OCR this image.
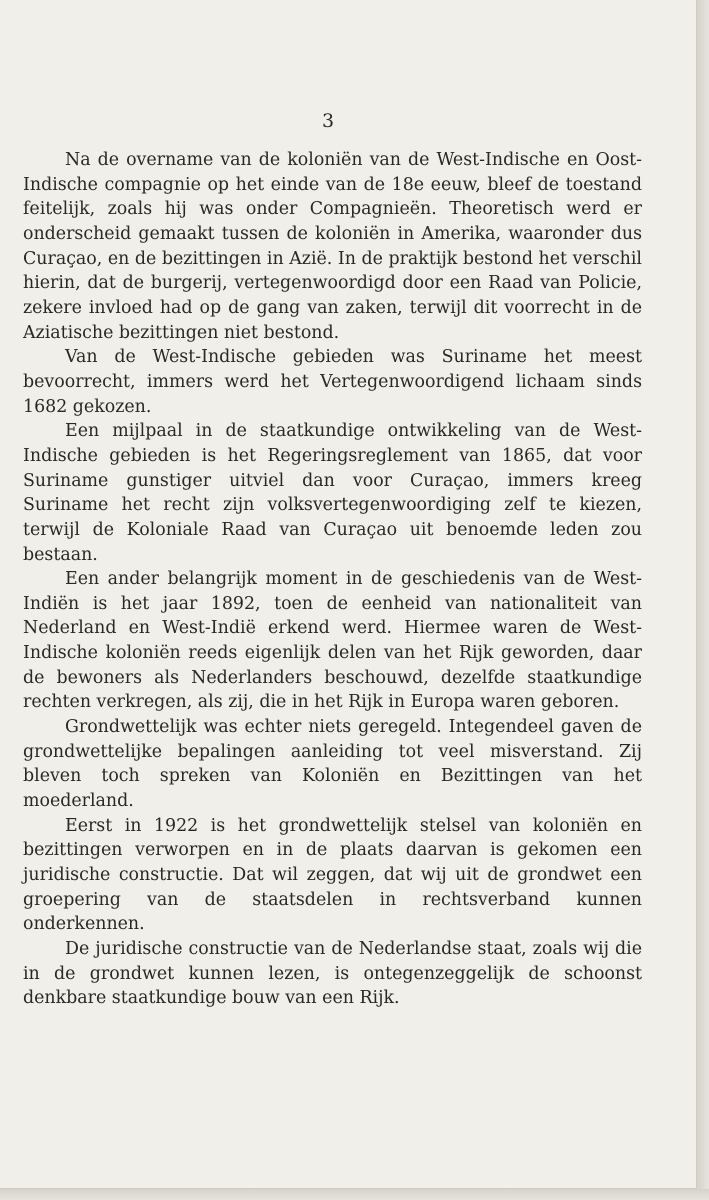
3

Na de overname van de koloniën van de West-Indische en Oost-Indische compagnie op het einde van de 18e eeuw, bleef de toestand feitelijk, zoals hij was onder Compagnieën. Theoretisch werd er onderscheid gemaakt tussen de koloniën in Amerika, waaronder dus Curaçao, en de bezittingen in Azië. In de praktijk bestond het verschil hierin, dat de burgerij, vertegenwoordigd door een Raad van Policie, zekere invloed had op de gang van zaken, terwijl dit voorrecht in de Aziatische bezittingen niet bestond.

Van de West-Indische gebieden was Suriname het meest bevoorrecht, immers werd het Vertegenwoordigend lichaam sinds 1682 gekozen.

Een mijlpaal in de staatkundige ontwikkeling van de West-Indische gebieden is het Regeringsreglement van 1865, dat voor Suriname gunstiger uitviel dan voor Curaçao, immers kreeg Suriname het recht zijn volksvertegenwoordiging zelf te kiezen, terwijl de Koloniale Raad van Curaçao uit benoemde leden zou bestaan.

Een ander belangrijk moment in de geschiedenis van de West-Indiën is het jaar 1892, toen de eenheid van nationaliteit van Nederland en West-Indië erkend werd. Hiermee waren de West-Indische koloniën reeds eigenlijk delen van het Rijk geworden, daar de bewoners als Nederlanders beschouwd, dezelfde staatkundige rechten verkregen, als zij, die in het Rijk in Europa waren geboren.

Grondwettelijk was echter niets geregeld. Integendeel gaven de grondwettelijke bepalingen aanleiding tot veel misverstand. Zij bleven toch spreken van Koloniën en Bezittingen van het moederland.

Eerst in 1922 is het grondwettelijk stelsel van koloniën en bezittingen verworpen en in de plaats daarvan is gekomen een juridische constructie. Dat wil zeggen, dat wij uit de grondwet een groepering van de staatsdelen in rechtsverband kunnen onderkennen.

De juridische constructie van de Nederlandse staat, zoals wij die in de grondwet kunnen lezen, is ontegenzeggelijk de schoonst denkbare staatkundige bouw van een Rijk.
